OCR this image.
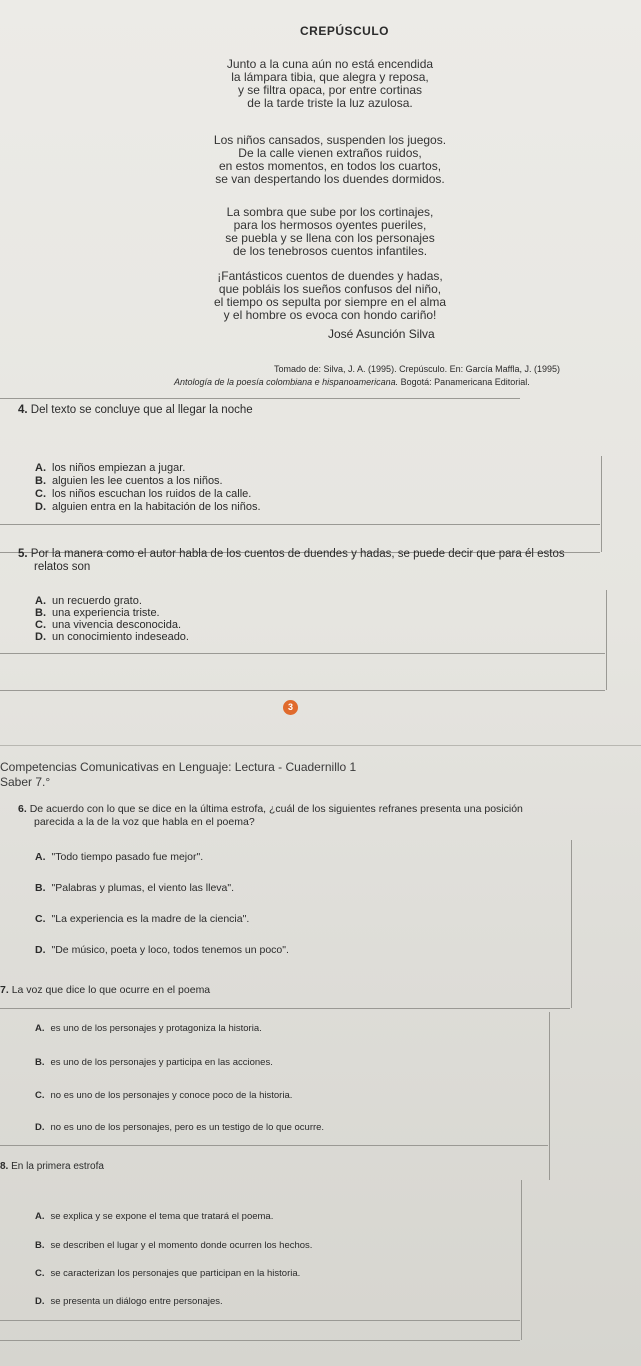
CREPÚSCULO
Junto a la cuna aún no está encendida
la lámpara tibia, que alegra y reposa,
y se filtra opaca, por entre cortinas
de la tarde triste la luz azulosa.
Los niños cansados, suspenden los juegos.
De la calle vienen extraños ruidos,
en estos momentos, en todos los cuartos,
se van despertando los duendes dormidos.
La sombra que sube por los cortinajes,
para los hermosos oyentes pueriles,
se puebla y se llena con los personajes
de los tenebrosos cuentos infantiles.
¡Fantásticos cuentos de duendes y hadas,
que pobláis los sueños confusos del niño,
el tiempo os sepulta por siempre en el alma
y el hombre os evoca con hondo cariño!
José Asunción Silva
Tomado de: Silva, J. A. (1995). Crepúsculo. En: García Maffla, J. (1995)
Antología de la poesía colombiana e hispanoamericana. Bogotá: Panamericana Editorial.
4. Del texto se concluye que al llegar la noche
A. los niños empiezan a jugar.
B. alguien les lee cuentos a los niños.
C. los niños escuchan los ruidos de la calle.
D. alguien entra en la habitación de los niños.
5. Por la manera como el autor habla de los cuentos de duendes y hadas, se puede decir que para él estos
relatos son
A. un recuerdo grato.
B. una experiencia triste.
C. una vivencia desconocida.
D. un conocimiento indeseado.
3
Competencias Comunicativas en Lenguaje: Lectura - Cuadernillo 1
Saber 7.°
6. De acuerdo con lo que se dice en la última estrofa, ¿cuál de los siguientes refranes presenta una posición
parecida a la de la voz que habla en el poema?
A. "Todo tiempo pasado fue mejor".
B. "Palabras y plumas, el viento las lleva".
C. "La experiencia es la madre de la ciencia".
D. "De músico, poeta y loco, todos tenemos un poco".
7. La voz que dice lo que ocurre en el poema
A. es uno de los personajes y protagoniza la historia.
B. es uno de los personajes y participa en las acciones.
C. no es uno de los personajes y conoce poco de la historia.
D. no es uno de los personajes, pero es un testigo de lo que ocurre.
8. En la primera estrofa
A. se explica y se expone el tema que tratará el poema.
B. se describen el lugar y el momento donde ocurren los hechos.
C. se caracterizan los personajes que participan en la historia.
D. se presenta un diálogo entre personajes.
